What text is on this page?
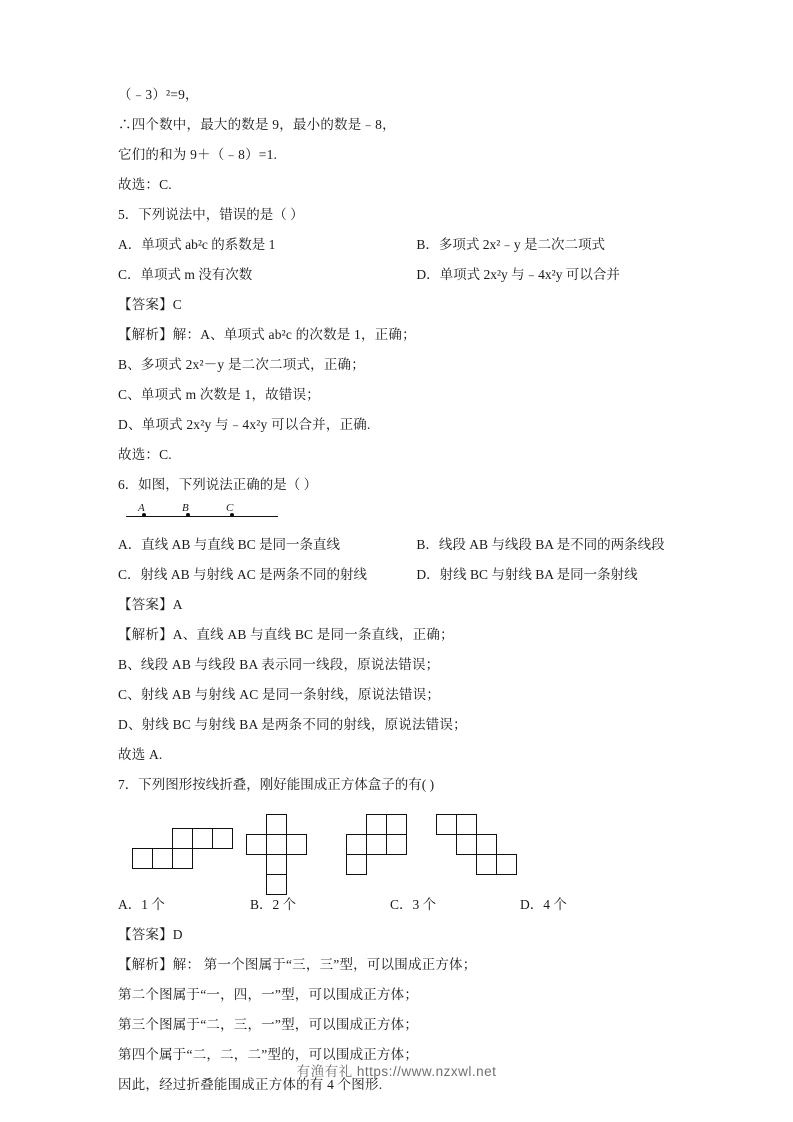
（﹣3）²=9，
∴四个数中，最大的数是 9，最小的数是﹣8，
它们的和为 9＋（﹣8）=1.
故选：C.
5．下列说法中，错误的是（ ）
A．单项式 ab²c 的系数是 1	B．多项式 2x²﹣y 是二次二项式
C．单项式 m 没有次数	D．单项式 2x²y 与﹣4x²y 可以合并
【答案】C
【解析】解：A、单项式 ab²c 的次数是 1，正确；
B、多项式 2x²－y 是二次二项式，正确；
C、单项式 m 次数是 1，故错误；
D、单项式 2x²y 与﹣4x²y 可以合并，正确.
故选：C.
6．如图，下列说法正确的是（ ）
A	B	C
A．直线 AB 与直线 BC 是同一条直线	B．线段 AB 与线段 BA 是不同的两条线段
C．射线 AB 与射线 AC 是两条不同的射线	D．射线 BC 与射线 BA 是同一条射线
【答案】A
【解析】A、直线 AB 与直线 BC 是同一条直线，正确；
B、线段 AB 与线段 BA 表示同一线段，原说法错误；
C、射线 AB 与射线 AC 是同一条射线，原说法错误；
D、射线 BC 与射线 BA 是两条不同的射线，原说法错误；
故选 A.
7．下列图形按线折叠，刚好能围成正方体盒子的有( )
A．1 个	B．2 个	C．3 个	D．4 个
【答案】D
【解析】解： 第一个图属于“三，三”型，可以围成正方体；
第二个图属于“一，四，一”型，可以围成正方体；
第三个图属于“二，三，一”型，可以围成正方体；
第四个属于“二，二，二”型的，可以围成正方体；
因此，经过折叠能围成正方体的有 4 个图形.
有渔有礼 https://www.nzxwl.net
